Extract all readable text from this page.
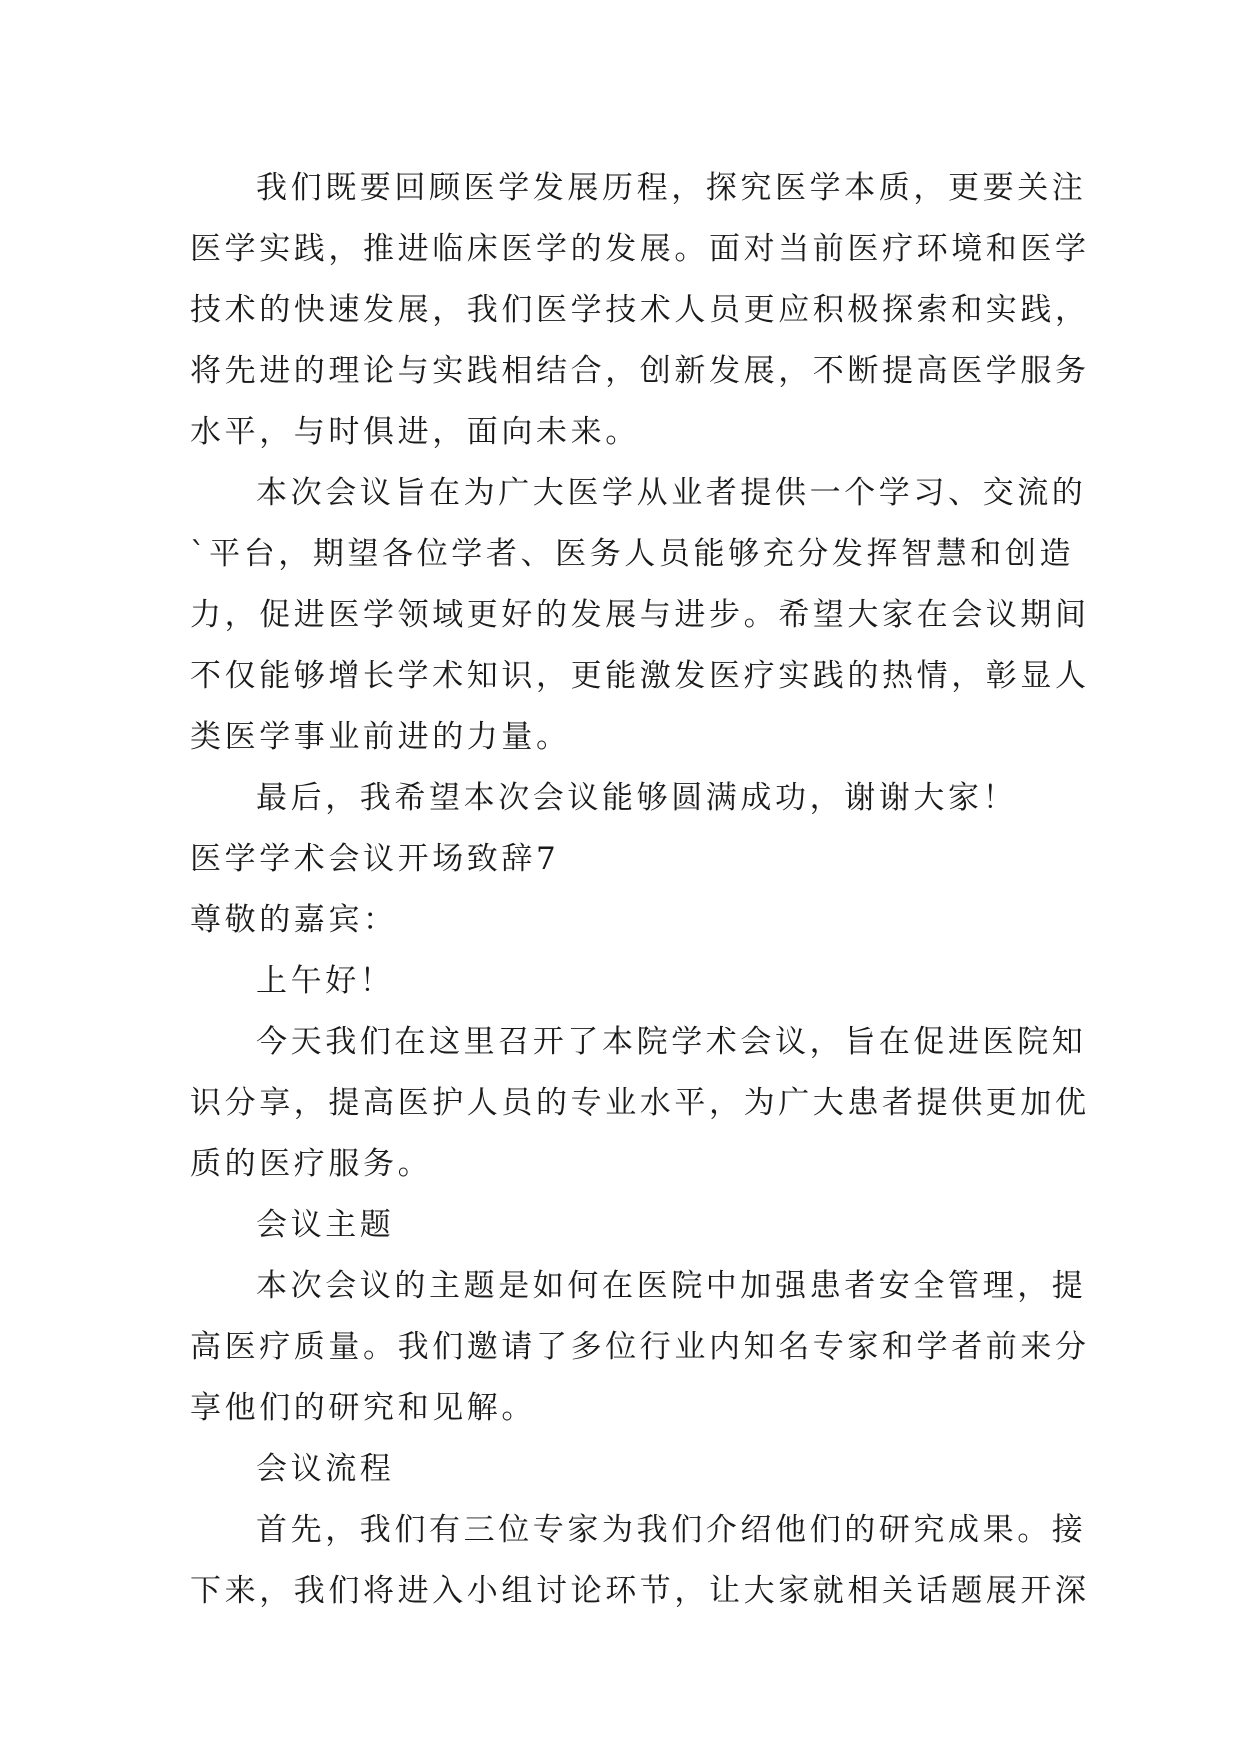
我们既要回顾医学发展历程，探究医学本质，更要关注
医学实践，推进临床医学的发展。面对当前医疗环境和医学
技术的快速发展，我们医学技术人员更应积极探索和实践，
将先进的理论与实践相结合，创新发展，不断提高医学服务
水平，与时俱进，面向未来。
本次会议旨在为广大医学从业者提供一个学习、交流的
`平台，期望各位学者、医务人员能够充分发挥智慧和创造
力，促进医学领域更好的发展与进步。希望大家在会议期间
不仅能够增长学术知识，更能激发医疗实践的热情，彰显人
类医学事业前进的力量。
最后，我希望本次会议能够圆满成功，谢谢大家！
医学学术会议开场致辞7
尊敬的嘉宾：
上午好！
今天我们在这里召开了本院学术会议，旨在促进医院知
识分享，提高医护人员的专业水平，为广大患者提供更加优
质的医疗服务。
会议主题
本次会议的主题是如何在医院中加强患者安全管理，提
高医疗质量。我们邀请了多位行业内知名专家和学者前来分
享他们的研究和见解。
会议流程
首先，我们有三位专家为我们介绍他们的研究成果。接
下来，我们将进入小组讨论环节，让大家就相关话题展开深
